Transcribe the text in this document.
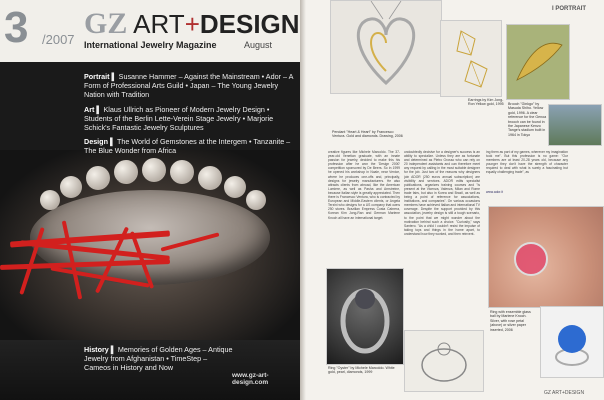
3 /2007 GZ ART+DESIGN
International Jewelry Magazine	August

Portrait ▌ Susanne Hammer – Against the Mainstream • Ador – A Form of Professional Arts Guild • Japan – The Young Jewelry Nation with Tradition

Art ▌ Klaus Ullrich as Pioneer of Modern Jewelry Design • Students of the Berlin Lette-Verein Stage Jewelry • Marjorie Schick's Fantastic Jewelry Sculptures

Design ▌ The World of Gemstones at the Intergem • Tanzanite – The Blue Wonder from Africa

History ▌ Memories of Golden Ages – Antique Jewelry from Afghanistan • TimeStep – Cameos in History and Now
www.gz-art-design.com
I PORTRAIT
Pendant "Heart & Heart" by Francesco Ventura. Gold and diamonds. Drawing, 2006
Earrings by Kim Jong-Ron Yellow gold, 1995	Brooch "Ginkgo" by Masuda Shiho. Yellow gold, 1996. A clear reference for the Genoa brooch can be found in the Japanese Kenzo Tange's stadium built in 1964 in Tokyo
creative figures like Michele Marcoldo. The 37-year-old Venetian graduate, with an innate passion for jewelry, decided to make this his profession after he won the 'Design 2000' competition sponsored by De Beers. So in 1999 he opened his workshop in Noale, near Venice, where he produces one-offs and, principally, designs for jewelry manufacturers. He also attracts clients from abroad, like the American Lumiere, as well as Pasha and Arnstreine, because Italian style is greatly appreciated. Then there is Francesco Ventura, who is contracted by European and Middle-Eastern clients, or Angela Terzini who designs for a US company that owns 250 stores. Brazilian Empress Costa Cabrera, Korean Kim Jong-Ran and German Marlene Knoch all have an international target.
undoubtedly decisive for a designer's success is an ability to specialize. Unless they are as fortunate and determined as Pietro Grosso who can rely on 20 independent assistants and can therefore meet any request by calling in the most suitable designer for the job. Just two of the reasons why designers join ADOR (250 euros annual subscription) are visibility and services. ADOR edits specialist publications, organizes training courses and "is present at the Vicenza, Valenza, Milan and Rome trade fairs, but also in Korea and Brazil, as well as being a point of reference for associations, institutions, and companies". On various occasions members have achieved Italian and international TV coverage. Despite the support provided by this association, jewelry design is still a tough scenario, to the point that we might wonder about the motivation behind such a choice. "Curiosity," says Santero. "As a child I couldn't resist the impulse of taking toys and things in the home apart, to understand how they worked, and then reinvent-
ing them as part of my games, wherever my imagination took me". But this profession is no game: "Our members are at least 20-28 years old, because any younger they don't have the strength of character required to deal with what is surely a fascinating but equally challenging trade", as
www.ador.it
Ring "Oyster" by Michele Marcoldo. White gold, pearl, diamonds, 1999
Ring with ensemble glass ball by Marlene Knoch. Silver, with rose petal (above) or silver paper inserted, 2006
GZ ART+DESIGN
